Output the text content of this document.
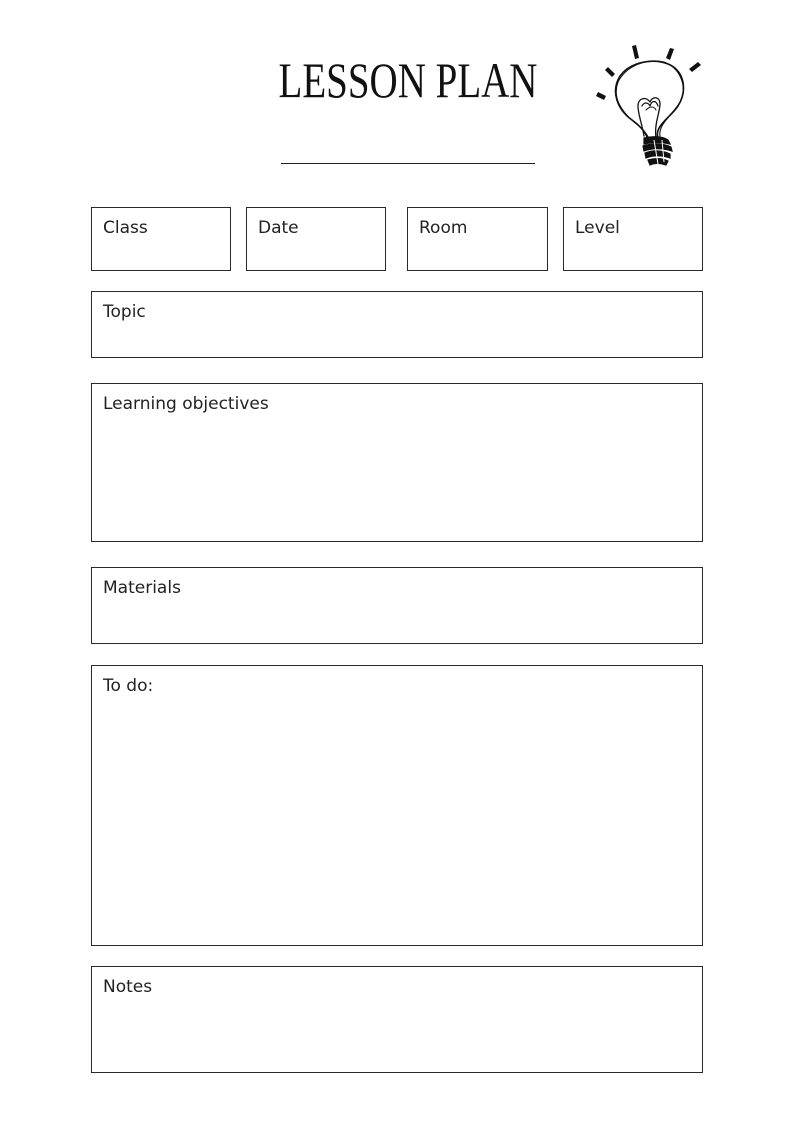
LESSON PLAN
Class	Date	Room	Level
Topic
Learning objectives
Materials
To do:
Notes
